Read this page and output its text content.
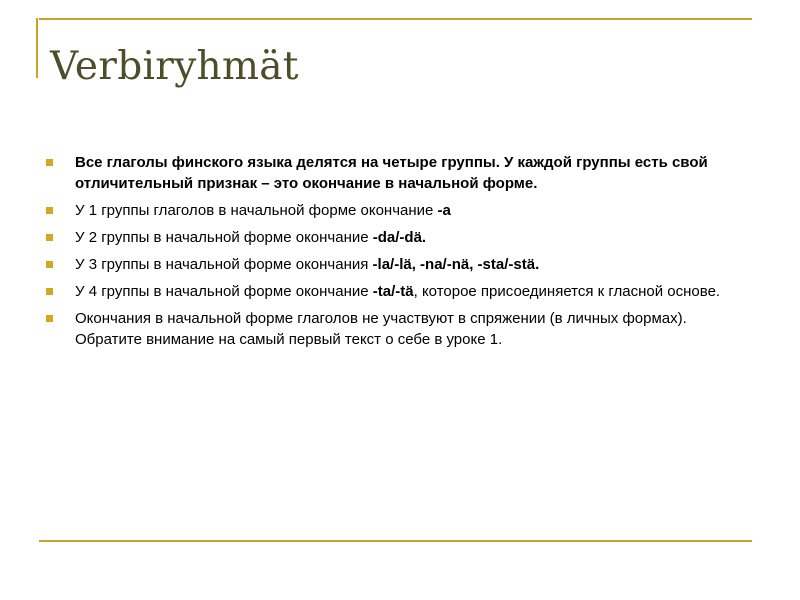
Verbiryhmät
Все глаголы финского языка делятся на четыре группы. У каждой группы есть свой отличительный признак – это окончание в начальной форме.
У 1 группы глаголов в начальной форме окончание -a
У 2 группы в начальной форме окончание -da/-dä.
У 3 группы в начальной форме окончания -la/-lä, -na/-nä, -sta/-stä.
У 4 группы в начальной форме окончание -ta/-tä, которое присоединяется к гласной основе.
Окончания в начальной форме глаголов не участвуют в спряжении (в личных формах). Обратите внимание на самый первый текст о себе в уроке 1.
